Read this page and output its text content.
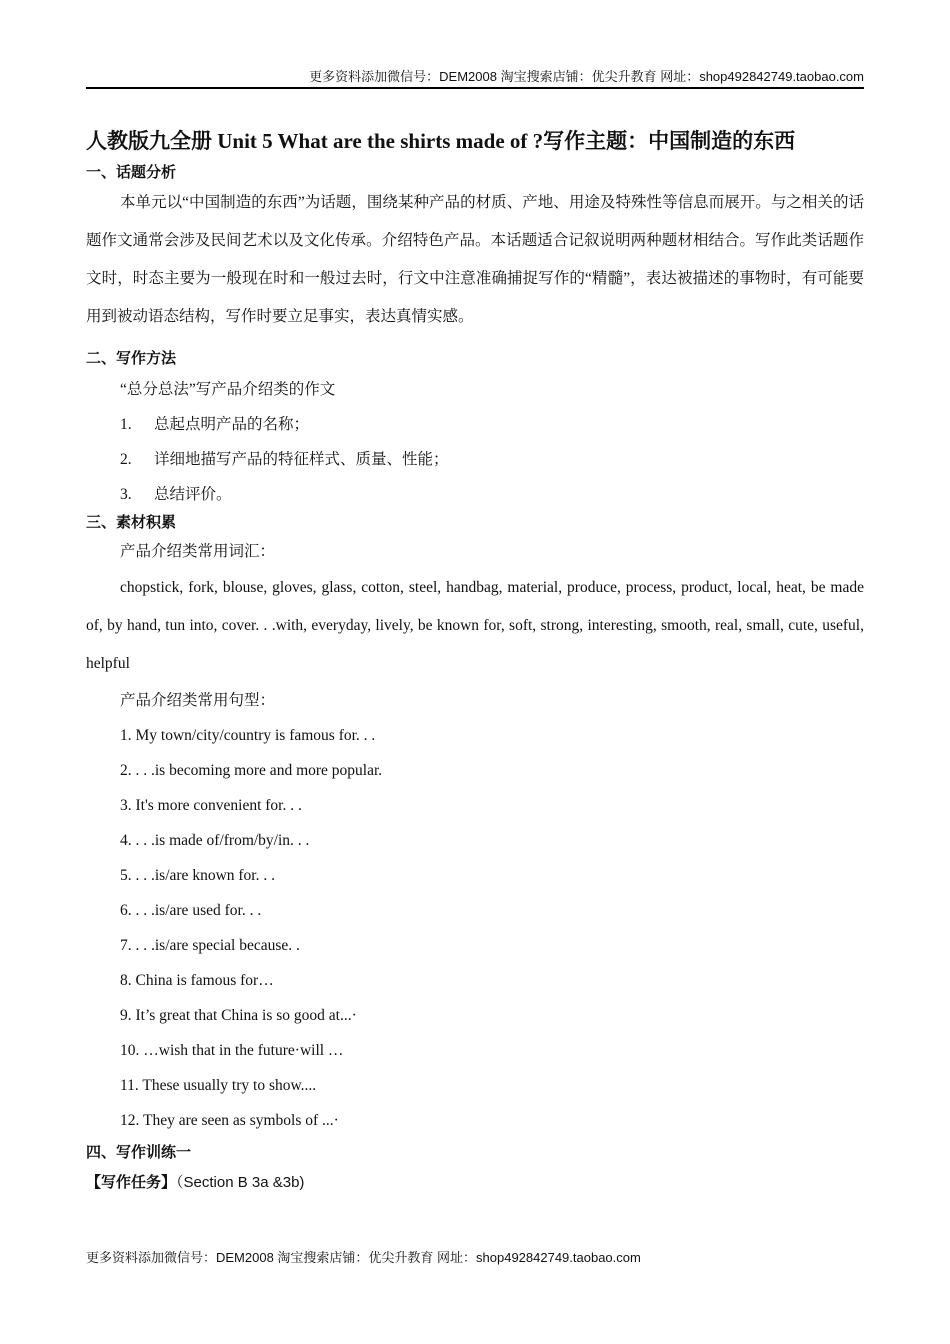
更多资料添加微信号：DEM2008 淘宝搜索店铺：优尖升教育 网址：shop492842749.taobao.com
人教版九全册 Unit 5 What are the shirts made of ?写作主题：中国制造的东西
一、话题分析

本单元以“中国制造的东西”为话题，围绕某种产品的材质、产地、用途及特殊性等信息而展开。与之相关的话题作文通常会涉及民间艺术以及文化传承。介绍特色产品。本话题适合记叙说明两种题材相结合。写作此类话题作文时，时态主要为一般现在时和一般过去时，行文中注意准确捕捉写作的“精髓”，表达被描述的事物时，有可能要用到被动语态结构，写作时要立足事实，表达真情实感。

二、写作方法
“总分总法”写产品介绍类的作文
1. 总起点明产品的名称；
2. 详细地描写产品的特征样式、质量、性能；
3. 总结评价。
三、素材积累
产品介绍类常用词汇：

chopstick, fork, blouse, gloves, glass, cotton, steel, handbag, material, produce, process, product, local, heat, be made of, by hand, tun into, cover. . .with, everyday, lively, be known for, soft, strong, interesting, smooth, real, small, cute, useful, helpful

产品介绍类常用句型：
1. My town/city/country is famous for. . .
2. . . .is becoming more and more popular.
3. It's more convenient for. . .
4. . . .is made of/from/by/in. . .
5. . . .is/are known for. . .
6. . . .is/are used for. . .
7. . . .is/are special because. .
8. China is famous for…
9. It’s great that China is so good at...·
10. …wish that in the future·will …
11. These usually try to show....
12. They are seen as symbols of ...·
四、写作训练一

【写作任务】（Section B 3a &3b)

更多资料添加微信号：DEM2008 淘宝搜索店铺：优尖升教育 网址：shop492842749.taobao.com
